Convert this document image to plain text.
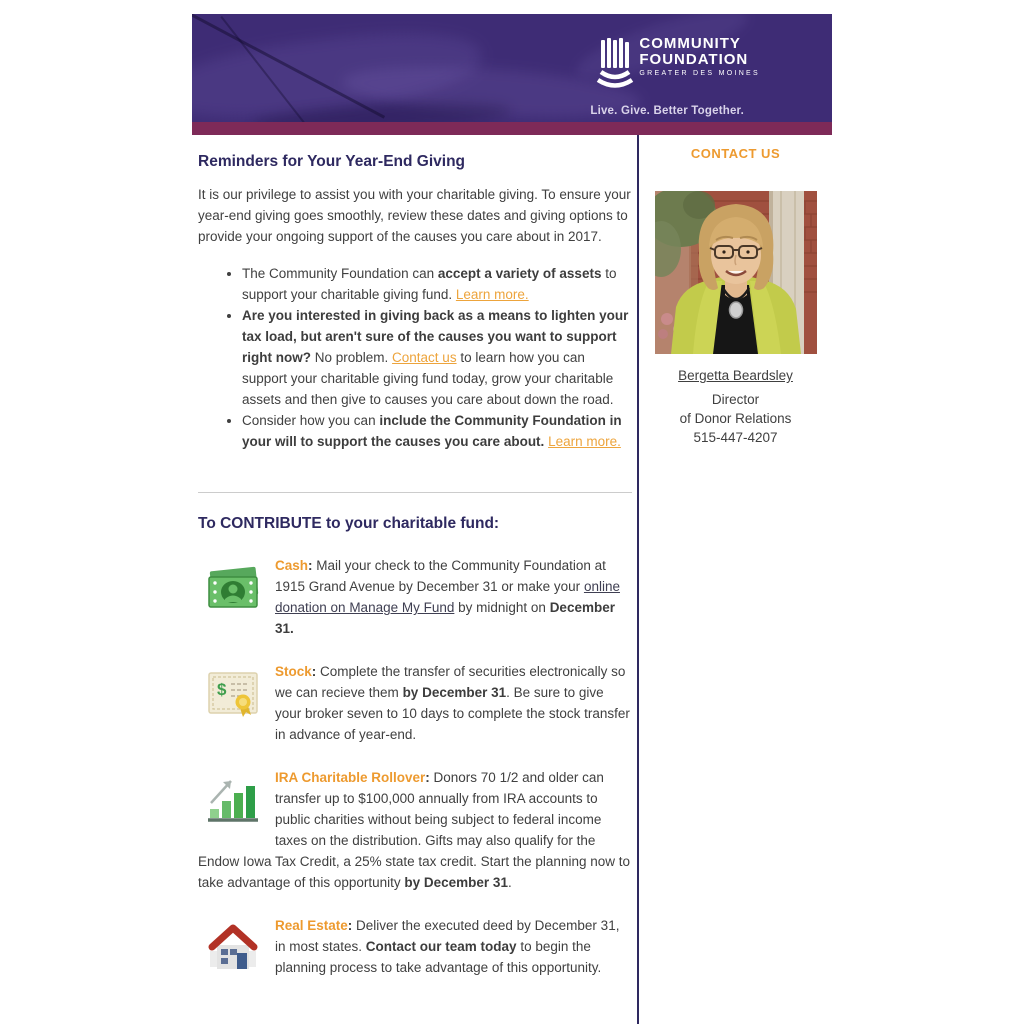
COMMUNITY
FOUNDATION
GREATER DES MOINES
Live. Give. Better Together.
Reminders for Your Year-End Giving

It is our privilege to assist you with your charitable giving. To ensure your year-end giving goes smoothly, review these dates and giving options to provide your ongoing support of the causes you care about in 2017.

• The Community Foundation can accept a variety of assets to support your charitable giving fund. Learn more.
• Are you interested in giving back as a means to lighten your tax load, but aren't sure of the causes you want to support right now? No problem. Contact us to learn how you can support your charitable giving fund today, grow your charitable assets and then give to causes you care about down the road.
• Consider how you can include the Community Foundation in your will to support the causes you care about. Learn more.
To CONTRIBUTE to your charitable fund:

Cash: Mail your check to the Community Foundation at 1915 Grand Avenue by December 31 or make your online donation on Manage My Fund by midnight on December 31.

$

Stock: Complete the transfer of securities electronically so we can recieve them by December 31. Be sure to give your broker seven to 10 days to complete the stock transfer in advance of year-end.

IRA Charitable Rollover: Donors 70 1/2 and older can transfer up to $100,000 annually from IRA accounts to public charities without being subject to federal income taxes on the distribution. Gifts may also qualify for the Endow Iowa Tax Credit, a 25% state tax credit. Start the planning now to take advantage of this opportunity by December 31.

Real Estate: Deliver the executed deed by December 31, in most states. Contact our team today to begin the planning process to take advantage of this opportunity.

CONTACT US
Bergetta Beardsley
Director
of Donor Relations
515-447-4207
